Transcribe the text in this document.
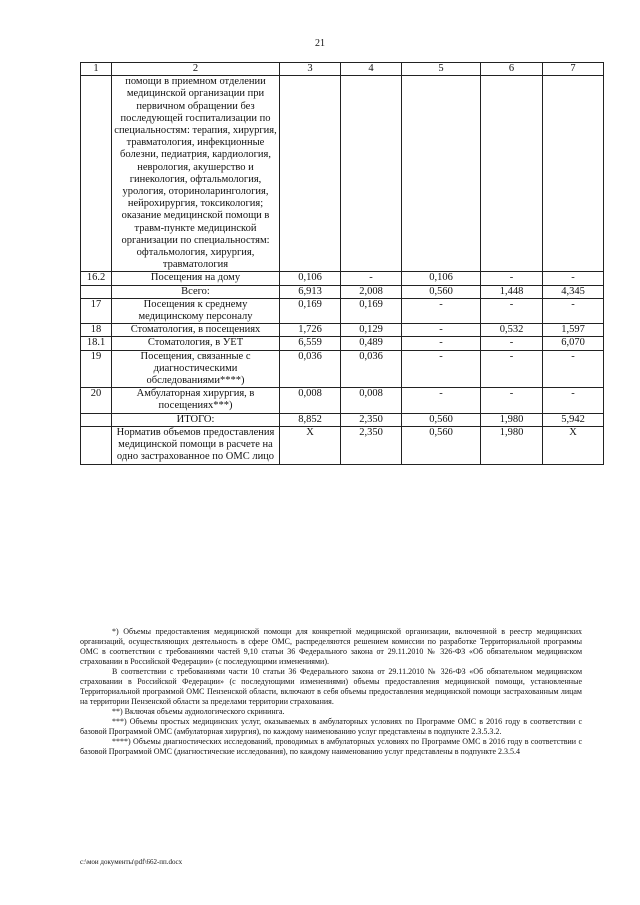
21
1	2	3	4	5	6	7
	помощи в приемном отделении медицинской организации при первичном обращении без последующей госпитализации по специальностям: терапия, хирургия, травматология, инфекционные болезни, педиатрия, кардиология, неврология, акушерство и гинекология, офтальмология, урология, оториноларингология, нейрохирургия, токсикология; оказание медицинской помощи в травм-пункте медицинской организации по специальностям: офтальмология, хирургия, травматология					
16.2	Посещения на дому	0,106	-	0,106	-	-
	Всего:	6,913	2,008	0,560	1,448	4,345
17	Посещения к среднему медицинскому персоналу	0,169	0,169	-	-	-
18	Стоматология, в посещениях	1,726	0,129	-	0,532	1,597
18.1	Стоматология, в УЕТ	6,559	0,489	-	-	6,070
19	Посещения, связанные с диагностическими обследованиями****)	0,036	0,036	-	-	-
20	Амбулаторная хирургия, в посещениях***)	0,008	0,008	-	-	-
	ИТОГО:	8,852	2,350	0,560	1,980	5,942
	Норматив объемов предоставления медицинской помощи в расчете на одно застрахованное по ОМС лицо	X	2,350	0,560	1,980	X

*) Объемы предоставления медицинской помощи для конкретной медицинской организации, включенной в реестр медицинских организаций, осуществляющих деятельность в сфере ОМС, распределяются решением комиссии по разработке Территориальной программы ОМС в соответствии с требованиями частей 9,10 статьи 36 Федерального закона от 29.11.2010 № 326-ФЗ «Об обязательном медицинском страховании в Российской Федерации» (с последующими изменениями).

В соответствии с требованиями части 10 статьи 36 Федерального закона от 29.11.2010 № 326-ФЗ «Об обязательном медицинском страховании в Российской Федерации» (с последующими изменениями) объемы предоставления медицинской помощи, установленные Территориальной программой ОМС Пензенской области, включают в себя объемы предоставления медицинской помощи застрахованным лицам на территории Пензенской области за пределами территории страхования.

**) Включая объемы аудиологического скрининга.

***) Объемы простых медицинских услуг, оказываемых в амбулаторных условиях по Программе ОМС в 2016 году в соответствии с базовой Программой ОМС (амбулаторная хирургия), по каждому наименованию услуг представлены в подпункте 2.3.5.3.2.

****) Объемы диагностических исследований, проводимых в амбулаторных условиях по Программе ОМС в 2016 году в соответствии с базовой Программой ОМС (диагностические исследования), по каждому наименованию услуг представлены в подпункте 2.3.5.4

c:\мои документы\pdf\662-пп.docx
